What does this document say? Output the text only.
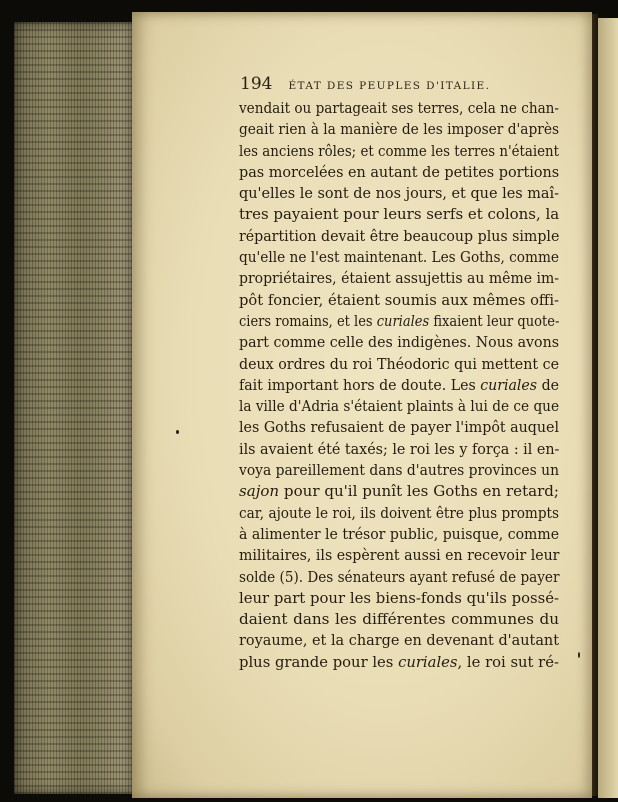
194 ÉTAT DES PEUPLES D'ITALIE.
vendait ou partageait ses terres, cela ne chan-
geait rien à la manière de les imposer d'après
les anciens rôles; et comme les terres n'étaient
pas morcelées en autant de petites portions
qu'elles le sont de nos jours, et que les maî-
tres payaient pour leurs serfs et colons, la
répartition devait être beaucoup plus simple
qu'elle ne l'est maintenant. Les Goths, comme
propriétaires, étaient assujettis au même im-
pôt foncier, étaient soumis aux mêmes offi-
ciers romains, et les curiales fixaient leur quote-
part comme celle des indigènes. Nous avons
deux ordres du roi Théodoric qui mettent ce
fait important hors de doute. Les curiales de
la ville d'Adria s'étaient plaints à lui de ce que
les Goths refusaient de payer l'impôt auquel
ils avaient été taxés; le roi les y força : il en-
voya pareillement dans d'autres provinces un
sajon pour qu'il punît les Goths en retard;
car, ajoute le roi, ils doivent être plus prompts
à alimenter le trésor public, puisque, comme
militaires, ils espèrent aussi en recevoir leur
solde (5). Des sénateurs ayant refusé de payer
leur part pour les biens-fonds qu'ils possé-
daient dans les différentes communes du
royaume, et la charge en devenant d'autant
plus grande pour les curiales, le roi sut ré-
